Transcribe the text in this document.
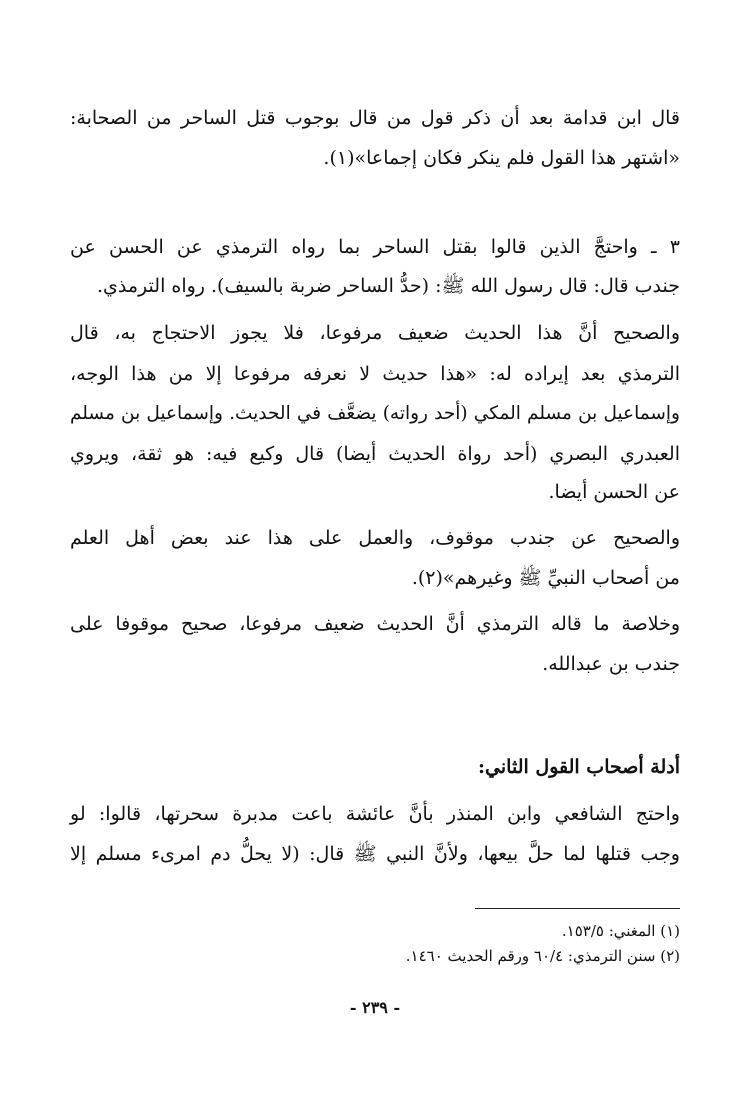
قال ابن قدامة بعد أن ذكر قول من قال بوجوب قتل الساحر من الصحابة:
«اشتهر هذا القول فلم ينكر فكان إجماعا»(١).
٣ ـ واحتجَّ الذين قالوا بقتل الساحر بما رواه الترمذي عن الحسن عن
جندب قال: قال رسول الله ﷺ: (حدُّ الساحر ضربة بالسيف). رواه الترمذي.
والصحيح أنَّ هذا الحديث ضعيف مرفوعا، فلا يجوز الاحتجاج به، قال
الترمذي بعد إيراده له: «هذا حديث لا نعرفه مرفوعا إلا من هذا الوجه،
وإسماعيل بن مسلم المكي (أحد رواته) يضعَّف في الحديث. وإسماعيل بن مسلم
العبدري البصري (أحد رواة الحديث أيضا) قال وكيع فيه: هو ثقة، ويروي
عن الحسن أيضا.
والصحيح عن جندب موقوف، والعمل على هذا عند بعض أهل العلم
من أصحاب النبيِّ ﷺ وغيرهم»(٢).
وخلاصة ما قاله الترمذي أنَّ الحديث ضعيف مرفوعا، صحيح موقوفا على
جندب بن عبدالله.
أدلة أصحاب القول الثاني:
واحتج الشافعي وابن المنذر بأنَّ عائشة باعت مدبرة سحرتها، قالوا: لو
وجب قتلها لما حلَّ بيعها، ولأنَّ النبي ﷺ قال: (لا يحلُّ دم امرىء مسلم إلا
(١) المغني: ١٥٣/٥.
(٢) سنن الترمذي: ٦٠/٤ ورقم الحديث ١٤٦٠.
- ٢٣٩ -
